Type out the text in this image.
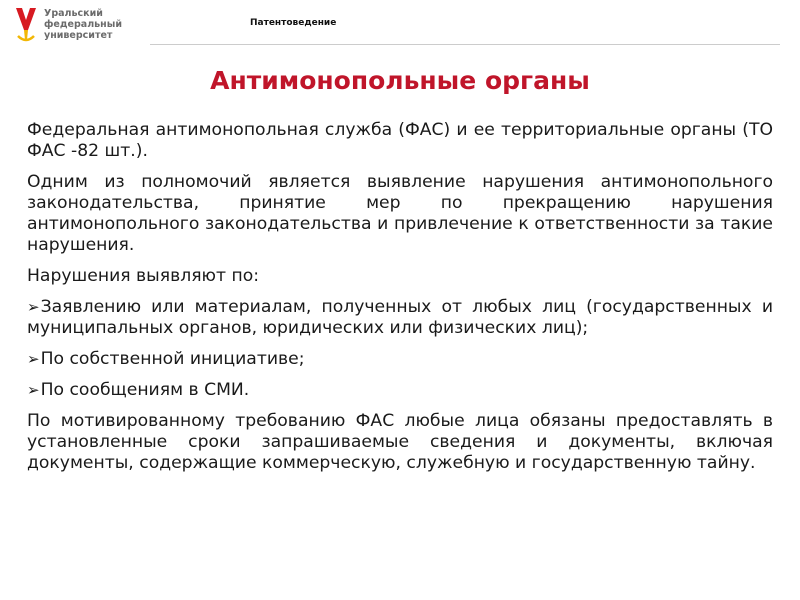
Уральский
федеральный
университет
Патентоведение
Антимонопольные органы

Федеральная антимонопольная служба (ФАС) и ее территориальные органы (ТО ФАС -82 шт.).

Одним из полномочий является выявление нарушения антимонопольного законодательства, принятие мер по прекращению нарушения антимонопольного законодательства и привлечение к ответственности за такие нарушения.

Нарушения выявляют по:

➢Заявлению или материалам, полученных от любых лиц (государственных и муниципальных органов, юридических или физических лиц);

➢По собственной инициативе;

➢По сообщениям в СМИ.

По мотивированному требованию ФАС любые лица обязаны предоставлять в установленные сроки запрашиваемые сведения и документы, включая документы, содержащие коммерческую, служебную и государственную тайну.
